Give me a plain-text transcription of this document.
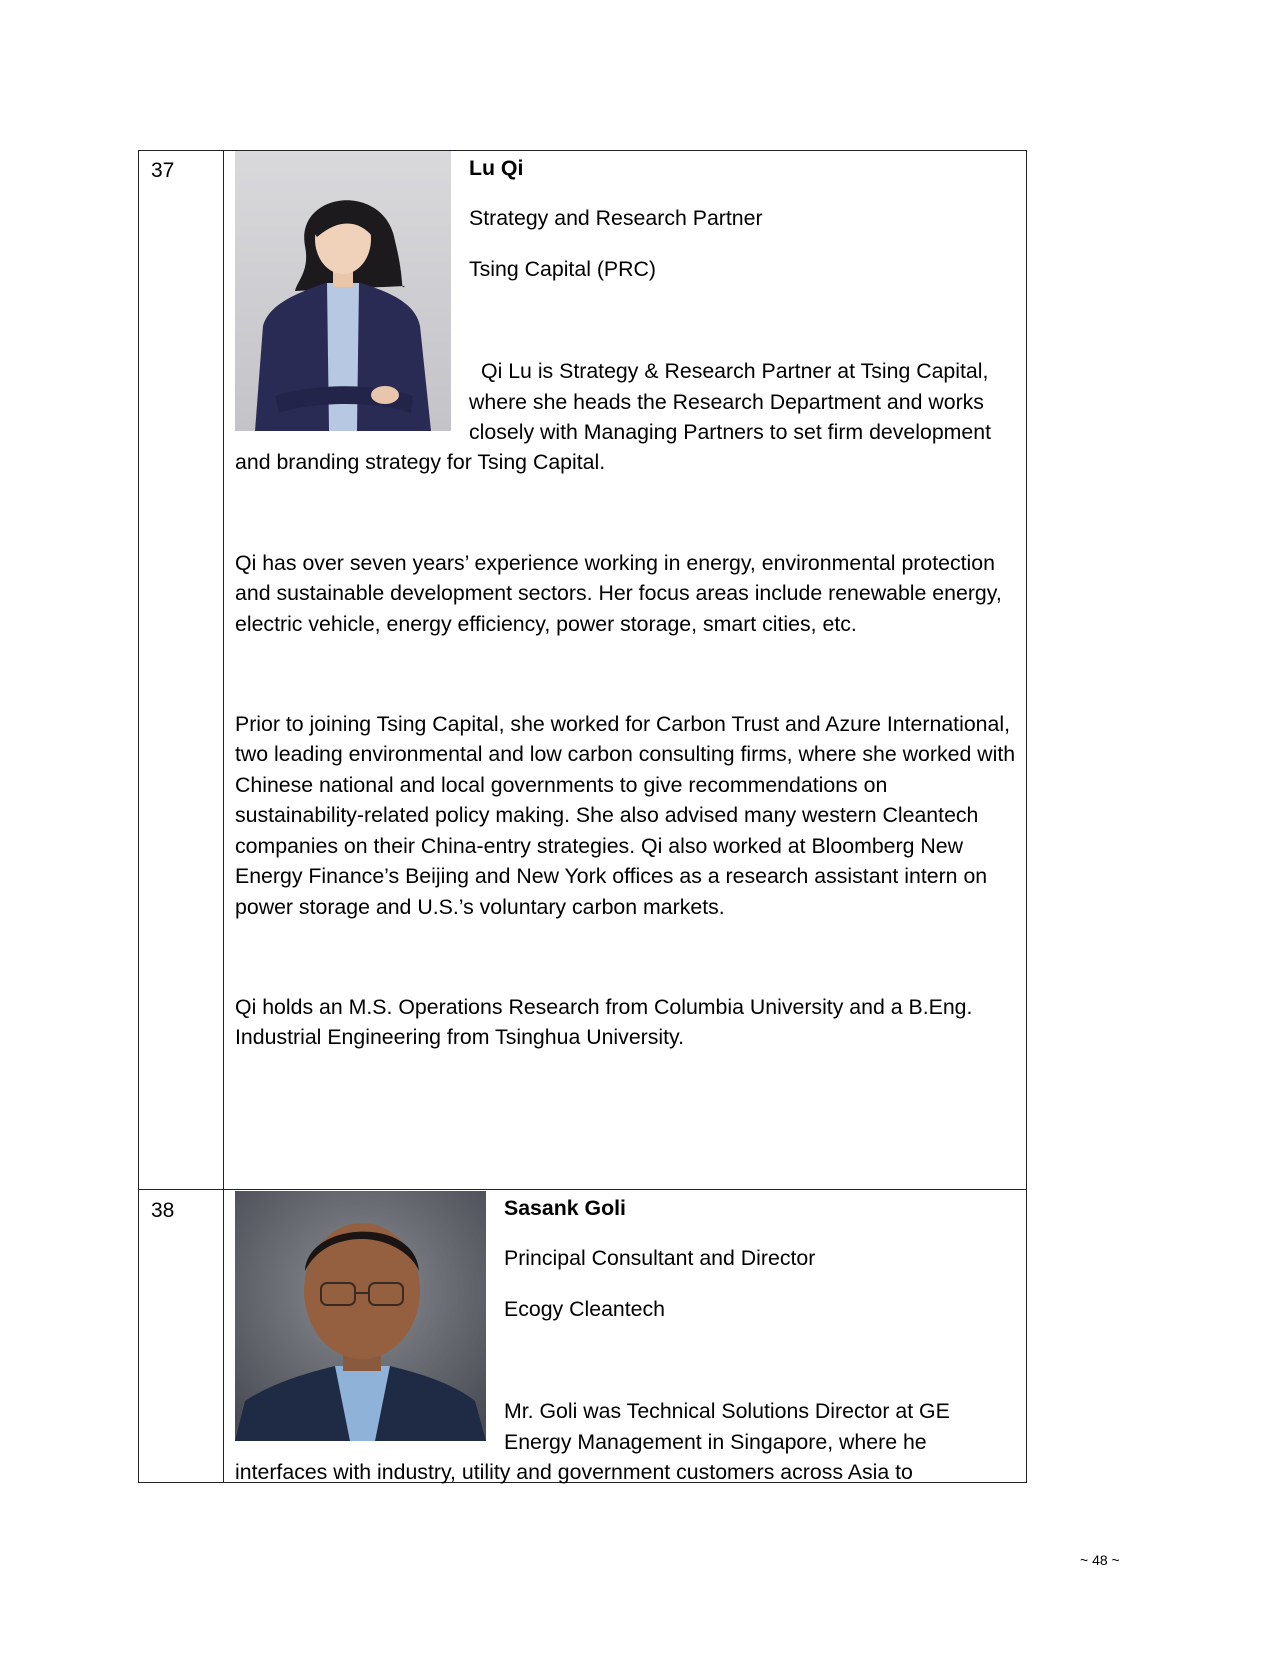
37	Lu Qi

Strategy and Research Partner

Tsing Capital (PRC)

Qi Lu is Strategy & Research Partner at Tsing Capital, where she heads the Research Department and works closely with Managing Partners to set firm development and branding strategy for Tsing Capital.

Qi has over seven years’ experience working in energy, environmental protection and sustainable development sectors. Her focus areas include renewable energy, electric vehicle, energy efficiency, power storage, smart cities, etc.

Prior to joining Tsing Capital, she worked for Carbon Trust and Azure International, two leading environmental and low carbon consulting firms, where she worked with Chinese national and local governments to give recommendations on sustainability-related policy making. She also advised many western Cleantech companies on their China-entry strategies. Qi also worked at Bloomberg New Energy Finance’s Beijing and New York offices as a research assistant intern on power storage and U.S.’s voluntary carbon markets.

Qi holds an M.S. Operations Research from Columbia University and a B.Eng. Industrial Engineering from Tsinghua University.

38	Sasank Goli

Principal Consultant and Director

Ecogy Cleantech

Mr. Goli was Technical Solutions Director at GE Energy Management in Singapore, where he interfaces with industry, utility and government customers across Asia to

~ 48 ~
